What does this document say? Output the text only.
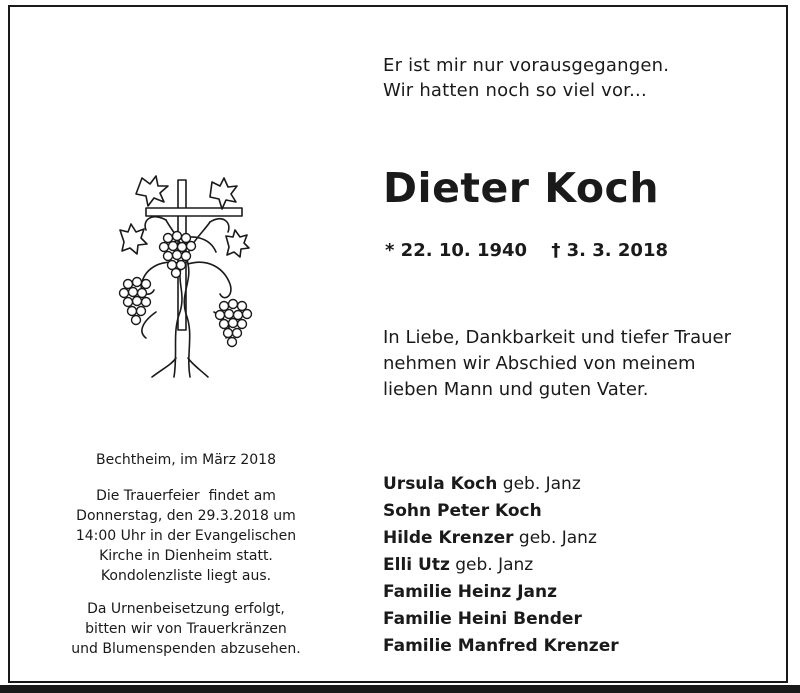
Er ist mir nur vorausgegangen.
Wir hatten noch so viel vor...
Dieter Koch
* 22. 10. 1940 † 3. 3. 2018
In Liebe, Dankbarkeit und tiefer Trauer
nehmen wir Abschied von meinem
lieben Mann und guten Vater.
Ursula Koch geb. Janz
Sohn Peter Koch
Hilde Krenzer geb. Janz
Elli Utz geb. Janz
Familie Heinz Janz
Familie Heini Bender
Familie Manfred Krenzer
Bechtheim, im März 2018
Die Trauerfeier  findet am
Donnerstag, den 29.3.2018 um
14:00 Uhr in der Evangelischen
Kirche in Dienheim statt.
Kondolenzliste liegt aus.
Da Urnenbeisetzung erfolgt,
bitten wir von Trauerkränzen
und Blumenspenden abzusehen.
